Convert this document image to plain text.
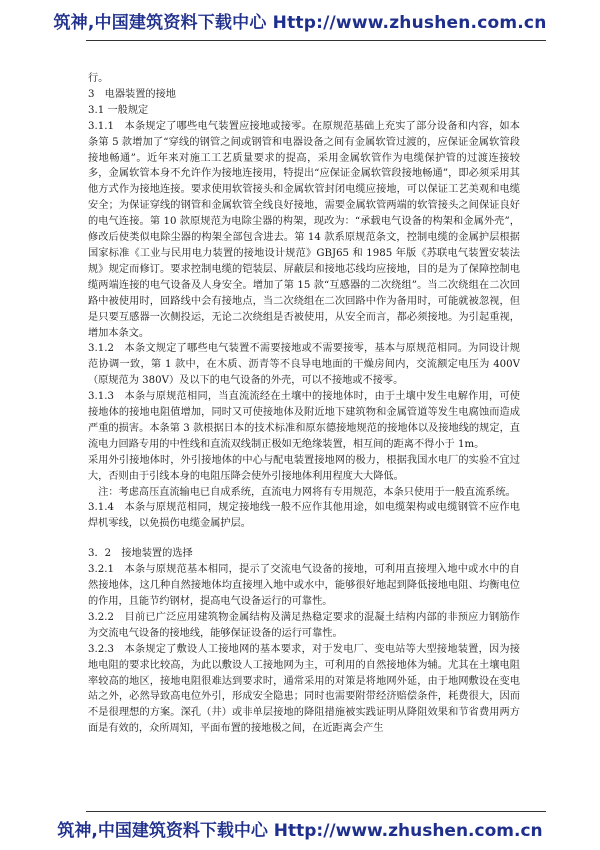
筑神,中国建筑资料下载中心 Http://www.zhushen.com.cn

行。

3　电器装置的接地

3.1 一般规定

3.1.1　本条规定了哪些电气装置应接地或接零。在原规范基础上充实了部分设备和内容，如本条第 5 款增加了“穿线的钢管之间或钢管和电器设备之间有金属软管过渡的，应保证金属软管段接地畅通”。近年来对施工工艺质量要求的提高，采用金属软管作为电缆保护管的过渡连接较多，金属软管本身不允许作为接地连接用，特提出“应保证金属软管段接地畅通”，即必须采用其他方式作为接地连接。要求使用软管接头和金属软管封闭电缆应接地，可以保证工艺美观和电缆安全；为保证穿线的钢管和金属软管全线良好接地，需要金属软管两端的软管接头之间保证良好的电气连接。第 10 款原规范为电除尘器的构架，现改为：“承载电气设备的构架和金属外壳”，修改后使类似电除尘器的构架全部包含进去。第 14 款系原规范条文，控制电缆的金属护层根据国家标准《工业与民用电力装置的接地设计规范》GBJ65 和 1985 年版《苏联电气装置安装法规》规定而修订。要求控制电缆的铠装层、屏蔽层和接地芯线均应接地，目的是为了保障控制电缆两端连接的电气设备及人身安全。增加了第 15 款“互感器的二次绕组”。当二次绕组在二次回路中被使用时，回路线中会有接地点，当二次绕组在二次回路中作为备用时，可能就被忽视，但是只要互感器一次侧投运，无论二次绕组是否被使用，从安全而言，都必须接地。为引起重视，增加本条文。

3.1.2　本条文规定了哪些电气装置不需要接地或不需要接零，基本与原规范相同。为同设计规范协调一致，第 1 款中，在木质、沥青等不良导电地面的干燥房间内，交流额定电压为 400V（原规范为 380V）及以下的电气设备的外壳，可以不接地或不接零。

3.1.3　本条与原规范相同，当直流流经在土壤中的接地体时，由于土壤中发生电解作用，可使接地体的接地电阻值增加，同时又可使接地体及附近地下建筑物和金属管道等发生电腐蚀而造成严重的损害。本条第 3 款根据日本的技术标准和原东德接地规范的接地体以及接地线的规定，直流电力回路专用的中性线和直流双线制正极如无绝缘装置，相互间的距离不得小于 1m。

采用外引接地体时，外引接地体的中心与配电装置接地网的极力，根据我国水电厂的实验不宜过大，否则由于引线本身的电阻压降会使外引接地体利用程度大大降低。

　注：考虑高压直流输电已自成系统，直流电力网将有专用规范，本条只使用于一般直流系统。

3.1.4　本条与原规范相同，规定接地线一般不应作其他用途，如电缆架构或电缆钢管不应作电焊机零线，以免损伤电缆金属护层。

3．2　接地装置的选择

3.2.1　本条与原规范基本相同，提示了交流电气设备的接地，可利用直接埋入地中或水中的自然接地体，这几种自然接地体均直接埋入地中或水中，能够很好地起到降低接地电阻、均衡电位的作用，且能节约钢材，提高电气设备运行的可靠性。

3.2.2　目前已广泛应用建筑物金属结构及满足热稳定要求的混凝土结构内部的非预应力钢筋作为交流电气设备的接地线，能够保证设备的运行可靠性。

3.2.3　本条规定了敷设人工接地网的基本要求，对于发电厂、变电站等大型接地装置，因为接地电阻的要求比较高，为此以敷设人工接地网为主，可利用的自然接地体为辅。尤其在土壤电阻率较高的地区，接地电阻很难达到要求时，通常采用的对策是将地网外延，由于地网敷设在变电站之外，必然导致高电位外引，形成安全隐患；同时也需要附带经济赔偿条件，耗费很大，因而不是很理想的方案。深孔（井）或非单层接地的降阻措施被实践证明从降阻效果和节省费用两方面是有效的，众所周知，平面布置的接地极之间，在近距离会产生

筑神,中国建筑资料下载中心 Http://www.zhushen.com.cn
